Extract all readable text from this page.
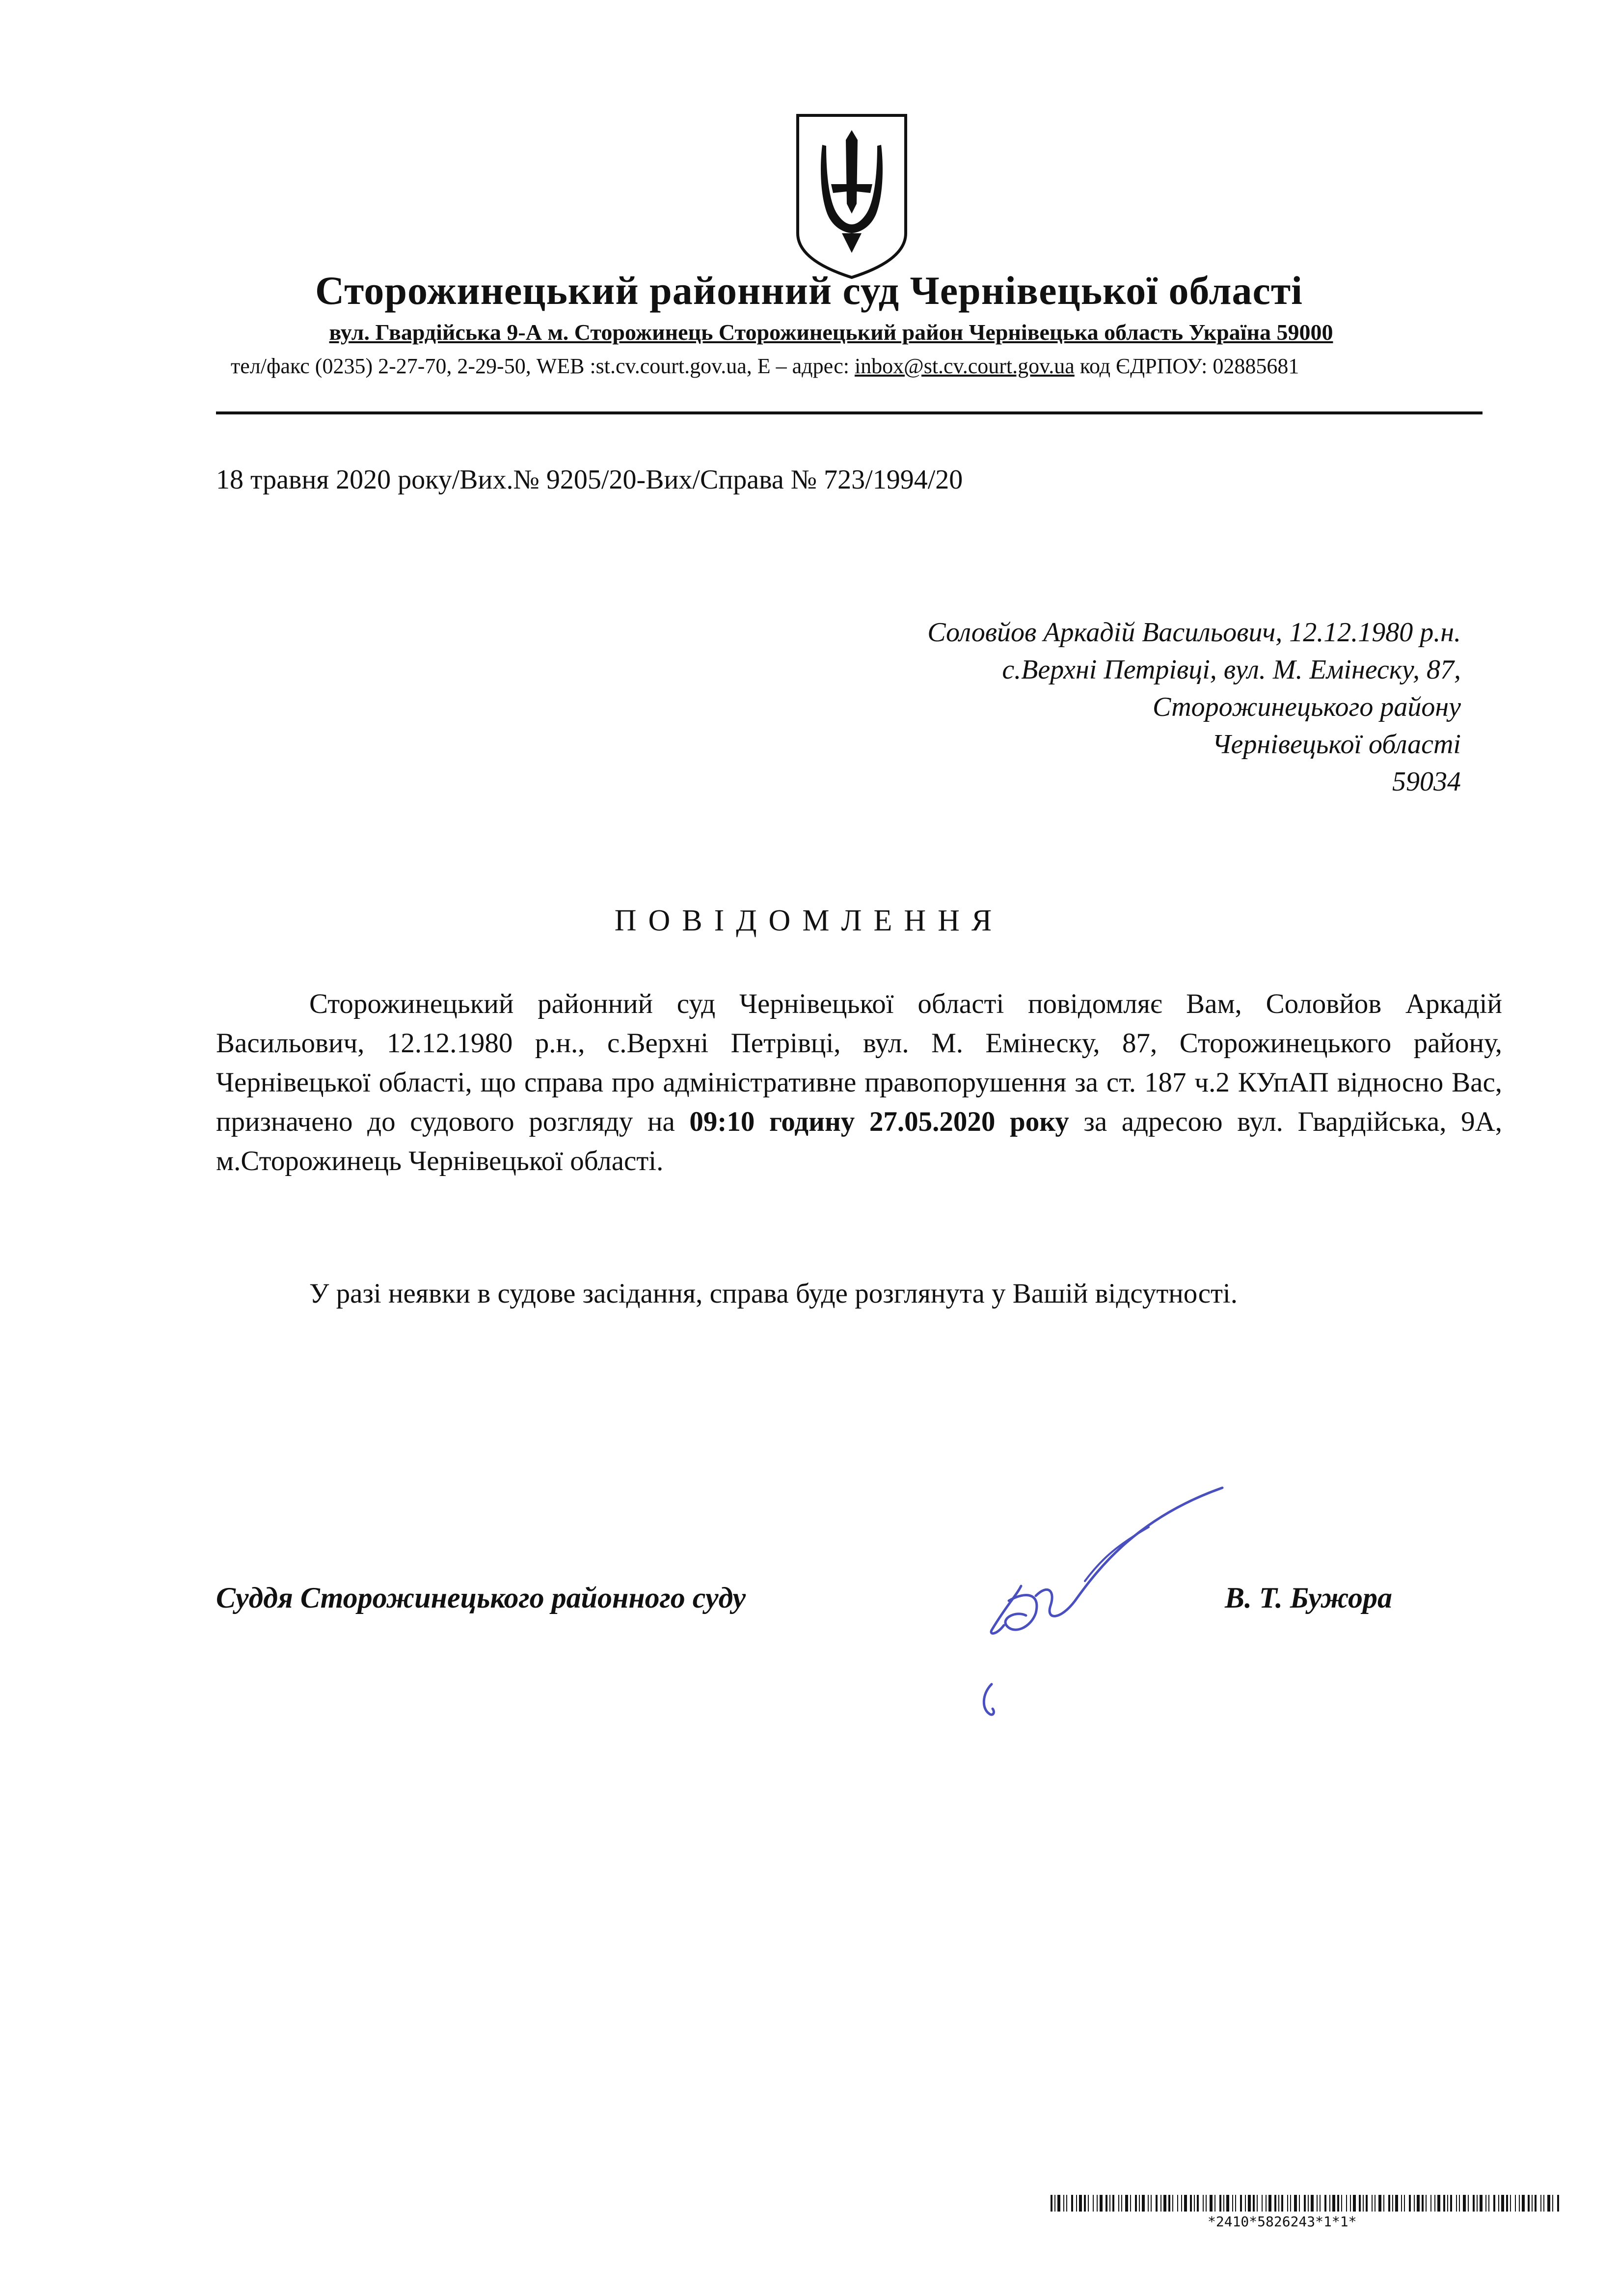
Сторожинецький районний суд Чернівецької області
вул. Гвардійська 9-А м. Сторожинець Сторожинецький район Чернівецька область Україна 59000
тел/факс (0235) 2-27-70, 2-29-50, WEB :st.cv.court.gov.ua, E – адрес: inbox@st.cv.court.gov.ua код ЄДРПОУ: 02885681
18 травня 2020 року/Вих.№ 9205/20-Вих/Справа № 723/1994/20
Соловйов Аркадій Васильович, 12.12.1980 р.н.
с.Верхні Петрівці, вул. М. Емінеску, 87,
Сторожинецького району
Чернівецької області
59034
ПОВІДОМЛЕННЯ
Сторожинецький районний суд Чернівецької області повідомляє Вам, Соловйов Аркадій Васильович, 12.12.1980 р.н., с.Верхні Петрівці, вул. М. Емінеску, 87, Сторожинецького району, Чернівецької області, що справа про адміністративне правопорушення за ст. 187 ч.2 КУпАП відносно Вас, призначено до судового розгляду на 09:10 годину 27.05.2020 року за адресою вул. Гвардійська, 9А, м.Сторожинець Чернівецької області.
У разі неявки в судове засідання, справа буде розглянута у Вашій відсутності.
Суддя Сторожинецького районного суду	В. Т. Бужора
*2410*5826243*1*1*
